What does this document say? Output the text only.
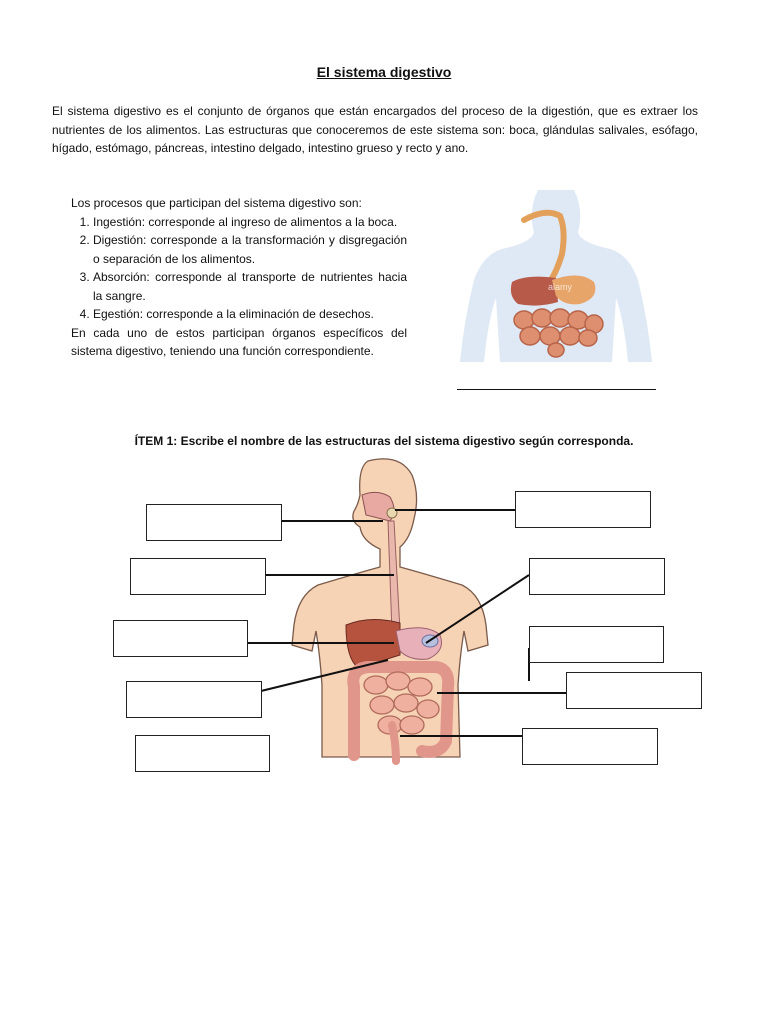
El sistema digestivo

El sistema digestivo es el conjunto de órganos que están encargados del proceso de la digestión, que es extraer los nutrientes de los alimentos. Las estructuras que conoceremos de este sistema son: boca, glándulas salivales, esófago, hígado, estómago, páncreas, intestino delgado, intestino grueso y recto y ano.

Los procesos que participan del sistema digestivo son:

1. Ingestión: corresponde al ingreso de alimentos a la boca.
2. Digestión: corresponde a la transformación y disgregación o separación de los alimentos.
3. Absorción: corresponde al transporte de nutrientes hacia la sangre.
4. Egestión: corresponde a la eliminación de desechos.

En cada uno de estos participan órganos específicos del sistema digestivo, teniendo una función correspondiente.

alamy
ÍTEM 1: Escribe el nombre de las estructuras del sistema digestivo según corresponda.
